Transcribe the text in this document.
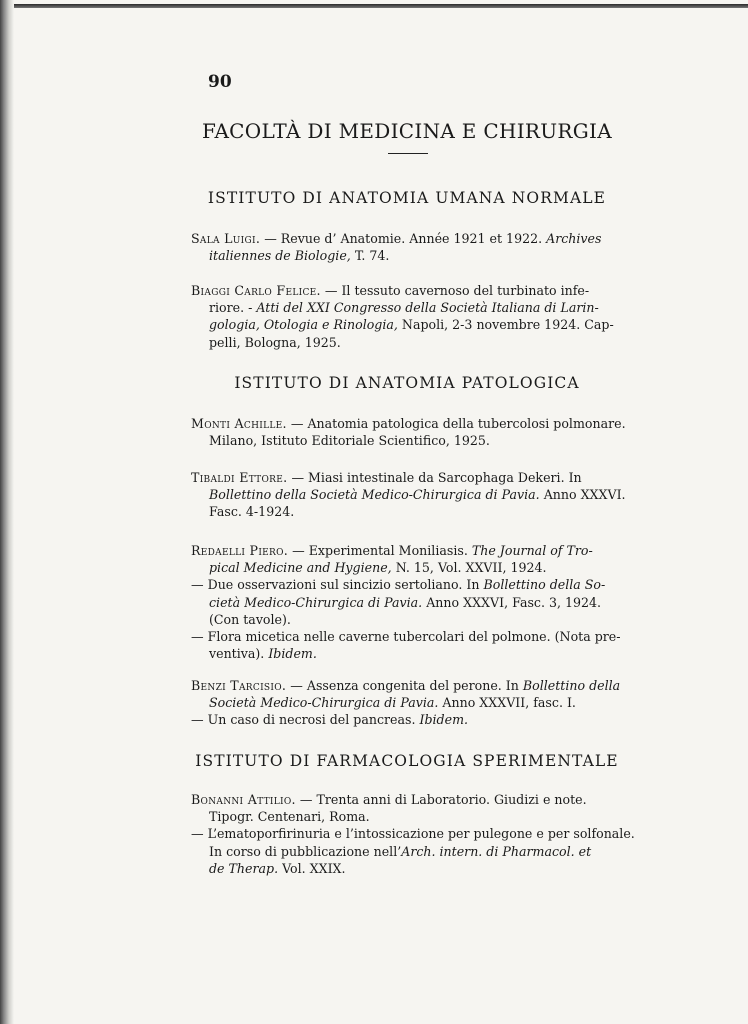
90
FACOLTÀ DI MEDICINA E CHIRURGIA
ISTITUTO DI ANATOMIA UMANA NORMALE
Sala Luigi. — Revue d’ Anatomie. Année 1921 et 1922. Archives
italiennes de Biologie, T. 74.
Biaggi Carlo Felice. — Il tessuto cavernoso del turbinato infe-
riore. - Atti del XXI Congresso della Società Italiana di Larin-
gologia, Otologia e Rinologia, Napoli, 2-3 novembre 1924. Cap-
pelli, Bologna, 1925.
ISTITUTO DI ANATOMIA PATOLOGICA
Monti Achille. — Anatomia patologica della tubercolosi polmonare.
Milano, Istituto Editoriale Scientifico, 1925.
Tibaldi Ettore. — Miasi intestinale da Sarcophaga Dekeri. In
Bollettino della Società Medico-Chirurgica di Pavia. Anno XXXVI.
Fasc. 4-1924.
Redaelli Piero. — Experimental Moniliasis. The Journal of Tro-
pical Medicine and Hygiene, N. 15, Vol. XXVII, 1924.
— Due osservazioni sul sincizio sertoliano. In Bollettino della So-
cietà Medico-Chirurgica di Pavia. Anno XXXVI, Fasc. 3, 1924.
(Con tavole).
— Flora micetica nelle caverne tubercolari del polmone. (Nota pre-
ventiva). Ibidem.
Benzi Tarcisio. — Assenza congenita del perone. In Bollettino della
Società Medico-Chirurgica di Pavia. Anno XXXVII, fasc. I.
— Un caso di necrosi del pancreas. Ibidem.
ISTITUTO DI FARMACOLOGIA SPERIMENTALE
Bonanni Attilio. — Trenta anni di Laboratorio. Giudizi e note.
Tipogr. Centenari, Roma.
— L’ematoporfirinuria e l’intossicazione per pulegone e per solfonale.
In corso di pubblicazione nell’Arch. intern. di Pharmacol. et
de Therap. Vol. XXIX.
